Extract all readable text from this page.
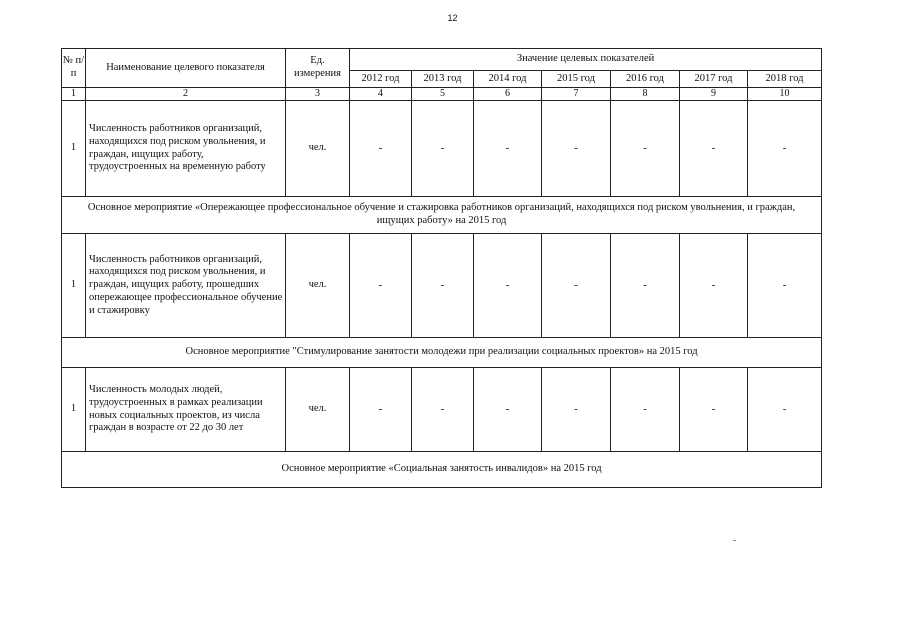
12
№ п/п	Наименование целевого показателя	Ед. измерения	Значение целевых показателей						
			2012 год	2013 год	2014 год	2015 год	2016 год	2017 год	2018 год
1	2	3	4	5	6	7	8	9	10
1	Численность работников организаций, находящихся под риском увольнения, и граждан, ищущих работу, трудоустроенных на временную работу	чел.	-	-	-	-	-	-	-
Основное мероприятие «Опережающее профессиональное обучение и стажировка работников организаций, находящихся под риском увольнения, и граждан, ищущих работу» на 2015 год									
1	Численность работников организаций, находящихся под риском увольнения, и граждан, ищущих работу, прошедших опережающее профессиональное обучение и стажировку	чел.	-	-	-	-	-	-	-
Основное мероприятие "Стимулирование занятости молодежи при реализации социальных проектов» на 2015 год									
1	Численность молодых людей, трудоустроенных в рамках реализации новых социальных проектов, из числа граждан в возрасте от 22 до 30 лет	чел.	-	-	-	-	-	-	-
Основное мероприятие «Социальная занятость инвалидов» на 2015 год									
